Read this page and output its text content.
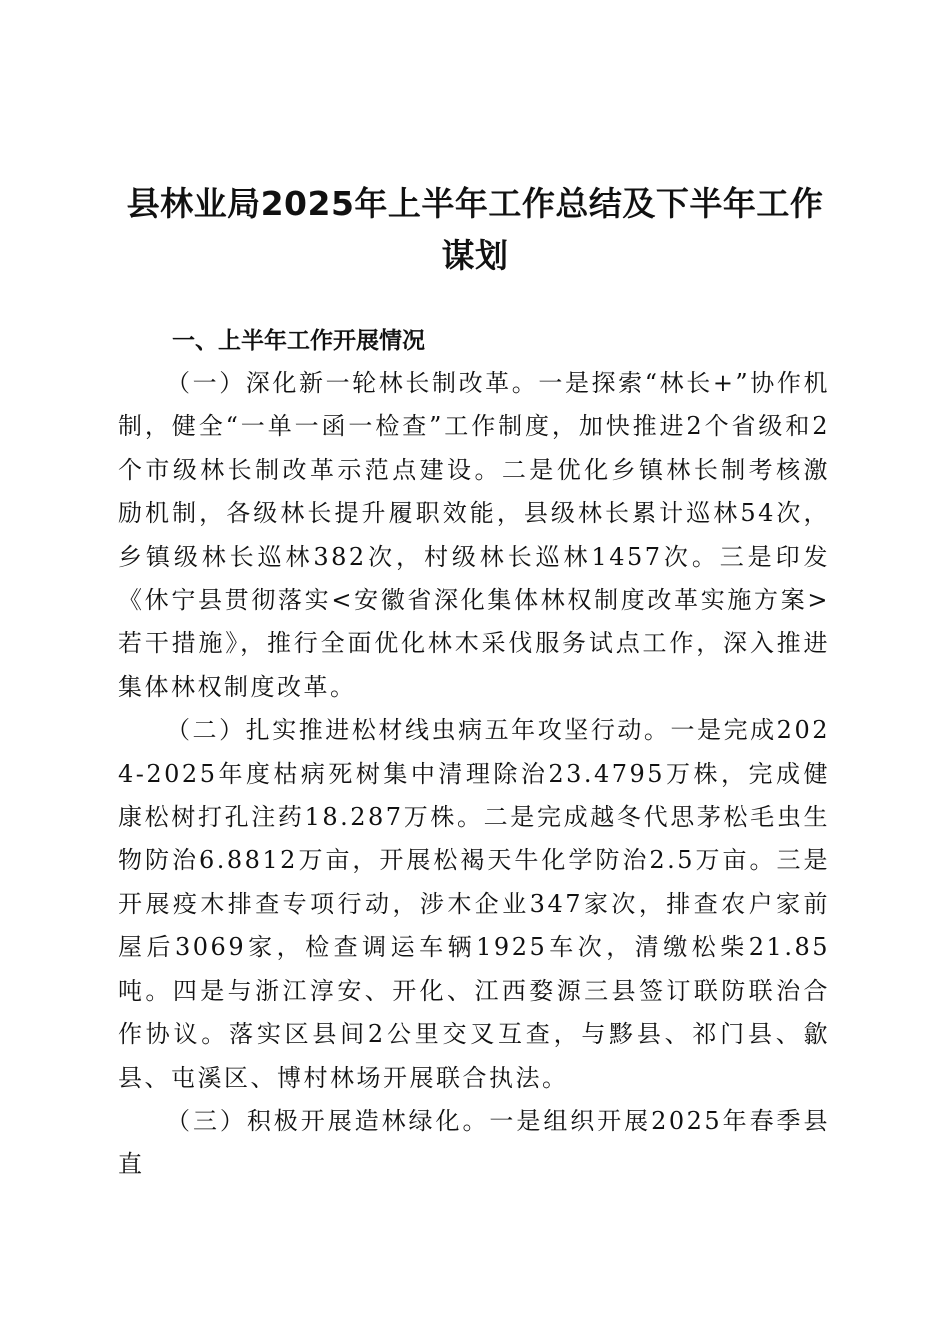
县林业局2025年上半年工作总结及下半年工作谋划

一、上半年工作开展情况

（一）深化新一轮林长制改革。一是探索“林长+”协作机制，健全“一单一函一检查”工作制度，加快推进2个省级和2个市级林长制改革示范点建设。二是优化乡镇林长制考核激励机制，各级林长提升履职效能，县级林长累计巡林54次，乡镇级林长巡林382次，村级林长巡林1457次。三是印发《休宁县贯彻落实<安徽省深化集体林权制度改革实施方案>若干措施》，推行全面优化林木采伐服务试点工作，深入推进集体林权制度改革。

（二）扎实推进松材线虫病五年攻坚行动。一是完成2024-2025年度枯病死树集中清理除治23.4795万株，完成健康松树打孔注药18.287万株。二是完成越冬代思茅松毛虫生物防治6.8812万亩，开展松褐天牛化学防治2.5万亩。三是开展疫木排查专项行动，涉木企业347家次，排查农户家前屋后3069家，检查调运车辆1925车次，清缴松柴21.85吨。四是与浙江淳安、开化、江西婺源三县签订联防联治合作协议。落实区县间2公里交叉互查，与黟县、祁门县、歙县、屯溪区、博村林场开展联合执法。

（三）积极开展造林绿化。一是组织开展2025年春季县直
